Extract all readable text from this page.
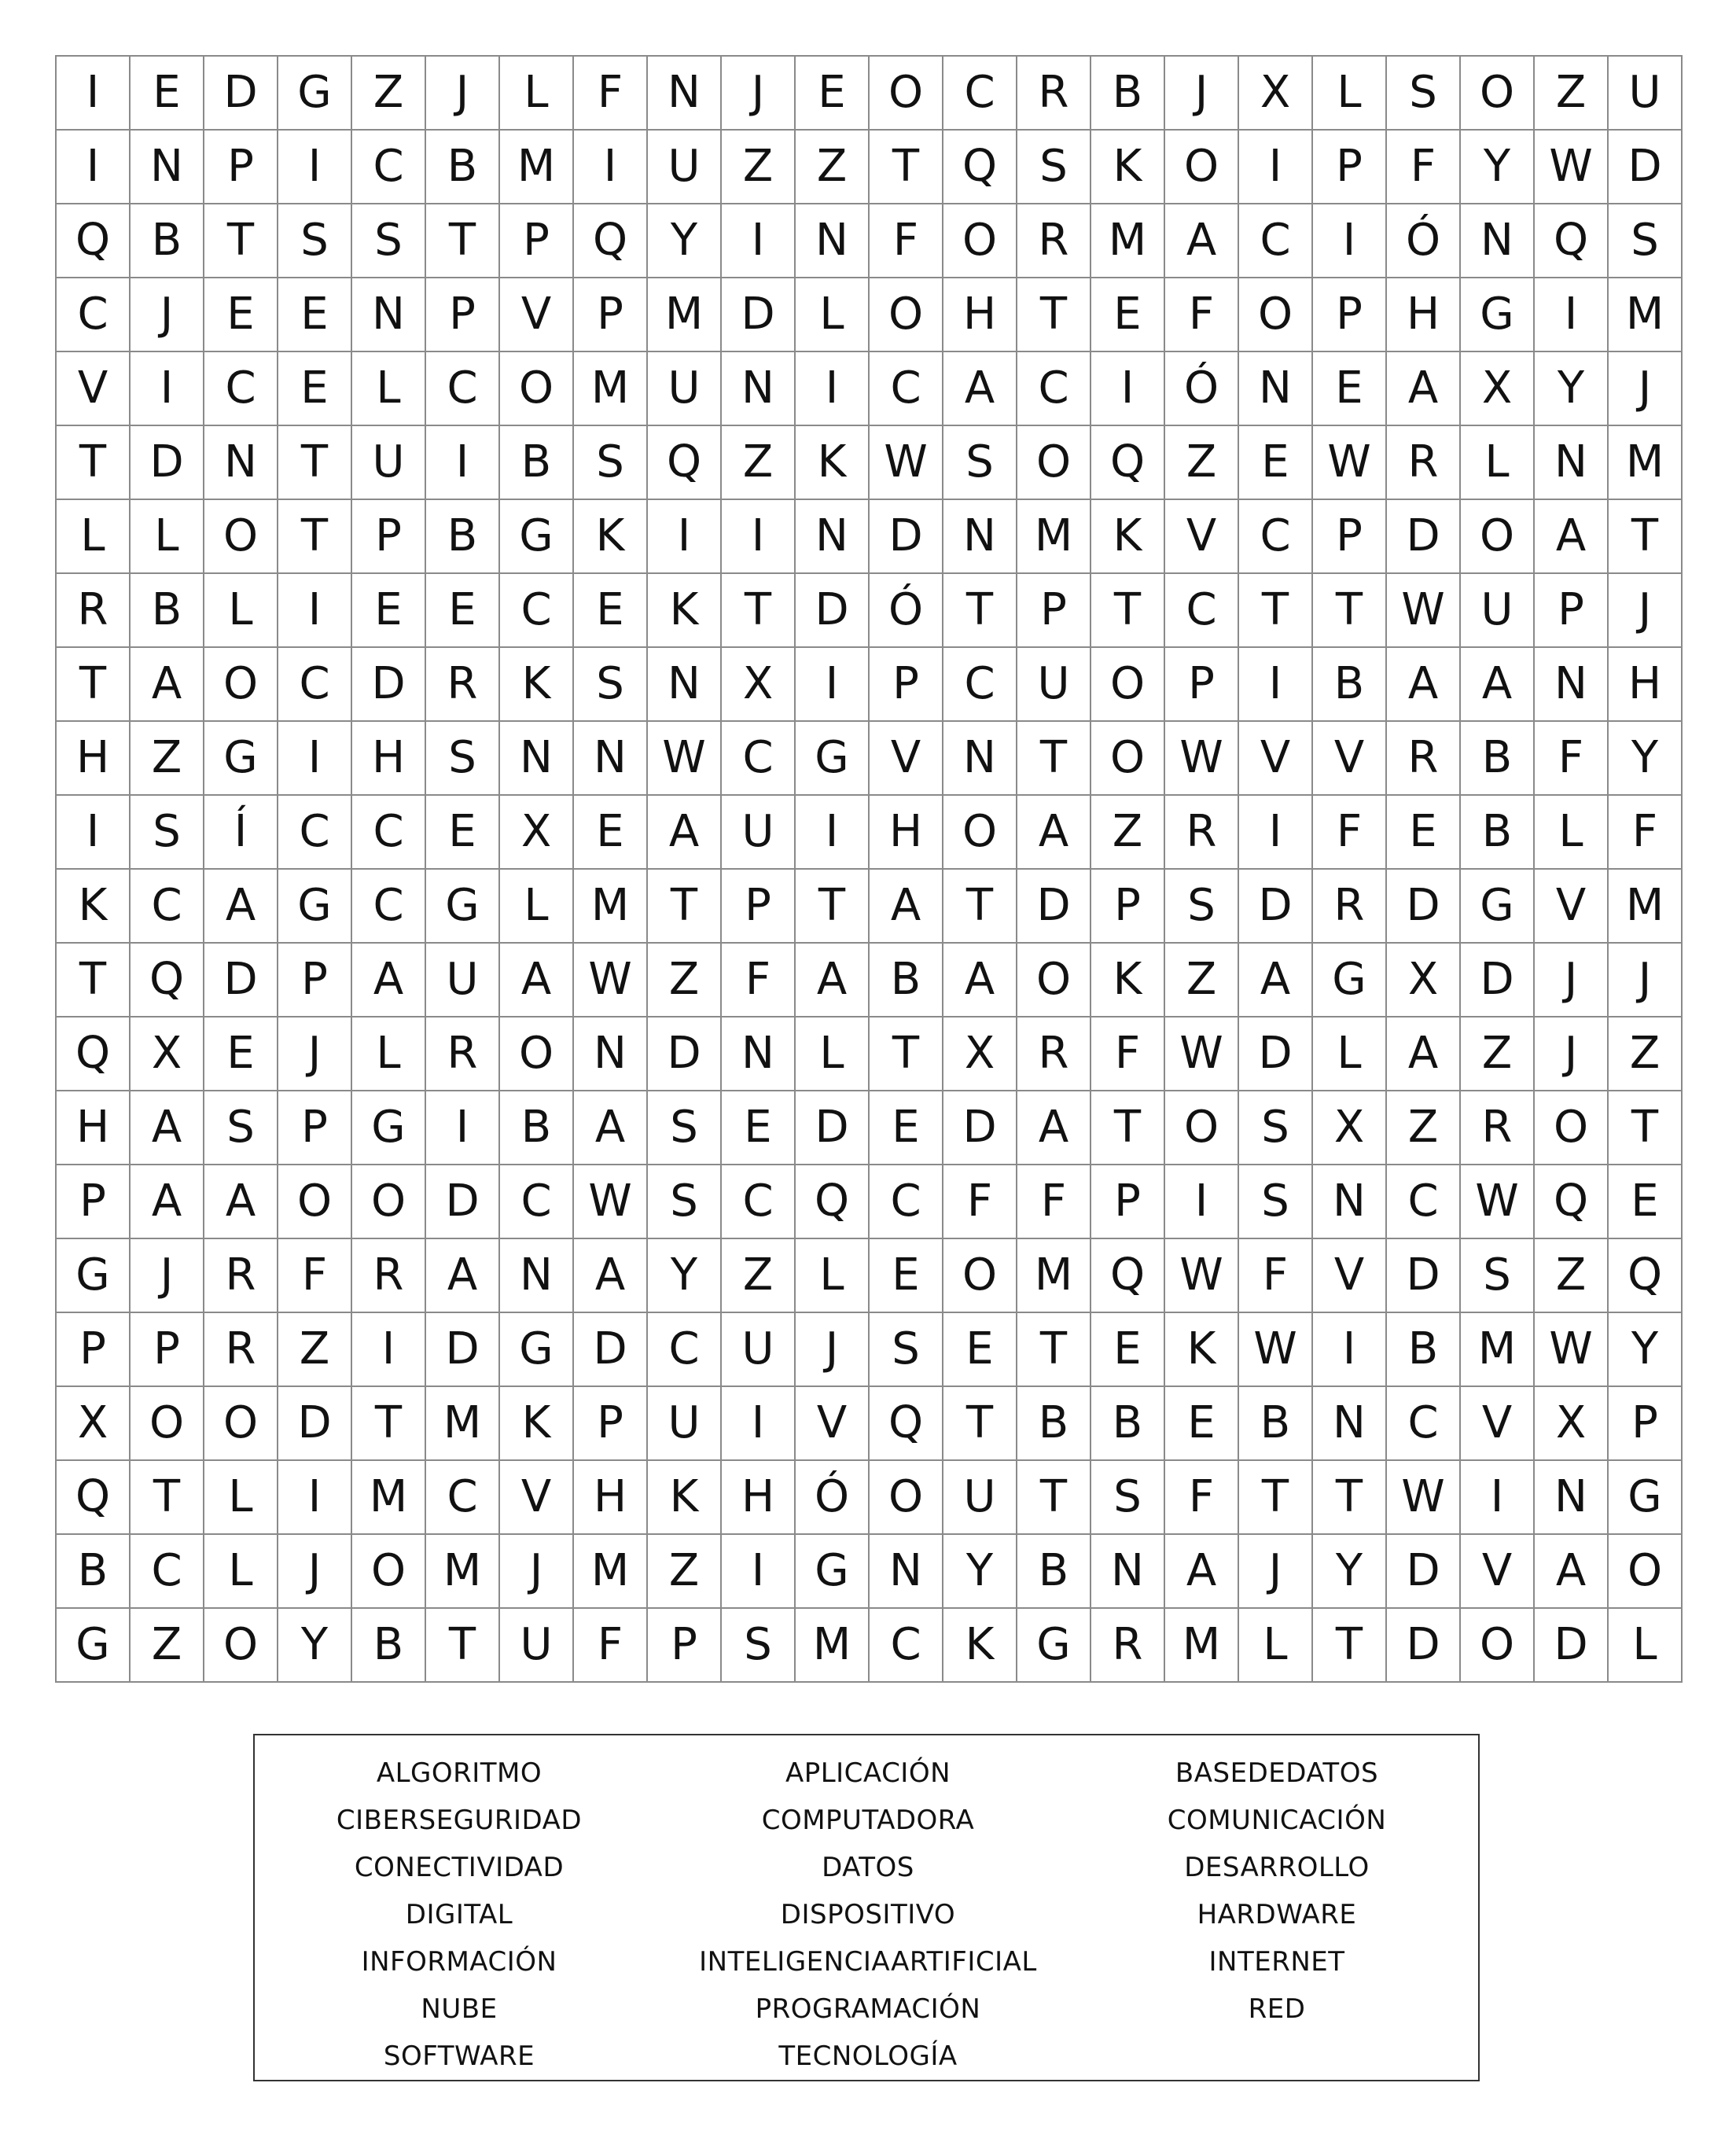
I	E D G Z	J	L	F	N	J	E O C R B	J	X	L	S O Z U
I	N	P	I	C B M	I	U Z Z	T Q S	K O	I	P	F	Y W D
Q B	T	S	S	T	P Q Y	I	N	F O R M A C	I	Ó N Q S
C	J	E	E N	P	V	P M D	L	O H T	E	F O P	H G	I	M
V	I	C	E	L	C O M U N	I	C A C	I	Ó N E	A X	Y	J
T D N T	U	I	B	S Q Z	K W S O Q Z	E W R	L	N M
L	L	O T	P	B G K	I	I	N D N M K	V C	P D O A	T
R B	L	I	E	E	C	E	K	T D Ó T	P	T	C	T	T W U	P	J
T	A O C D R	K	S N X	I	P	C U O P	I	B A A N H
H Z G	I	H S N N W C G V N T O W V V R B	F	Y
I	S	Í	C C	E	X	E	A U	I	H O A Z R	I	F	E	B	L	F
K	C A G C G	L M T	P	T	A	T D P	S D R D G V M
T Q D P	A U A W Z	F	A B A O K	Z A G X D	J	J
Q X	E	J	L	R O N D N	L	T	X R	F W D	L	A Z	J	Z
H A	S	P G	I	B A	S	E D E D A	T O S	X Z R O T
P	A A O O D C W S	C Q C	F	F	P	I	S N C W Q E
G	J	R	F	R A N A	Y	Z	L	E O M Q W F	V D S	Z Q
P	P	R Z	I	D G D C U	J	S	E	T	E	K W	I	B M W Y
X O O D T M K	P	U	I	V Q T	B B	E	B N C V X	P
Q T	L	I	M C V H K H Ó O U	T	S	F	T	T W	I	N G
B C	L	J	O M	J	M Z	I	G N Y	B N A	J	Y D V A O
G Z O Y	B	T	U	F	P	S M C	K G R M L	T D O D	L
ALGORITMO	APLICACIÓN	BASEDEDATOS
CIBERSEGURIDAD	COMPUTADORA	COMUNICACIÓN
CONECTIVIDAD	DATOS	DESARROLLO
DIGITAL	DISPOSITIVO	HARDWARE
INFORMACIÓN	INTELIGENCIAARTIFICIAL	INTERNET
NUBE	PROGRAMACIÓN	RED
SOFTWARE	TECNOLOGÍA
